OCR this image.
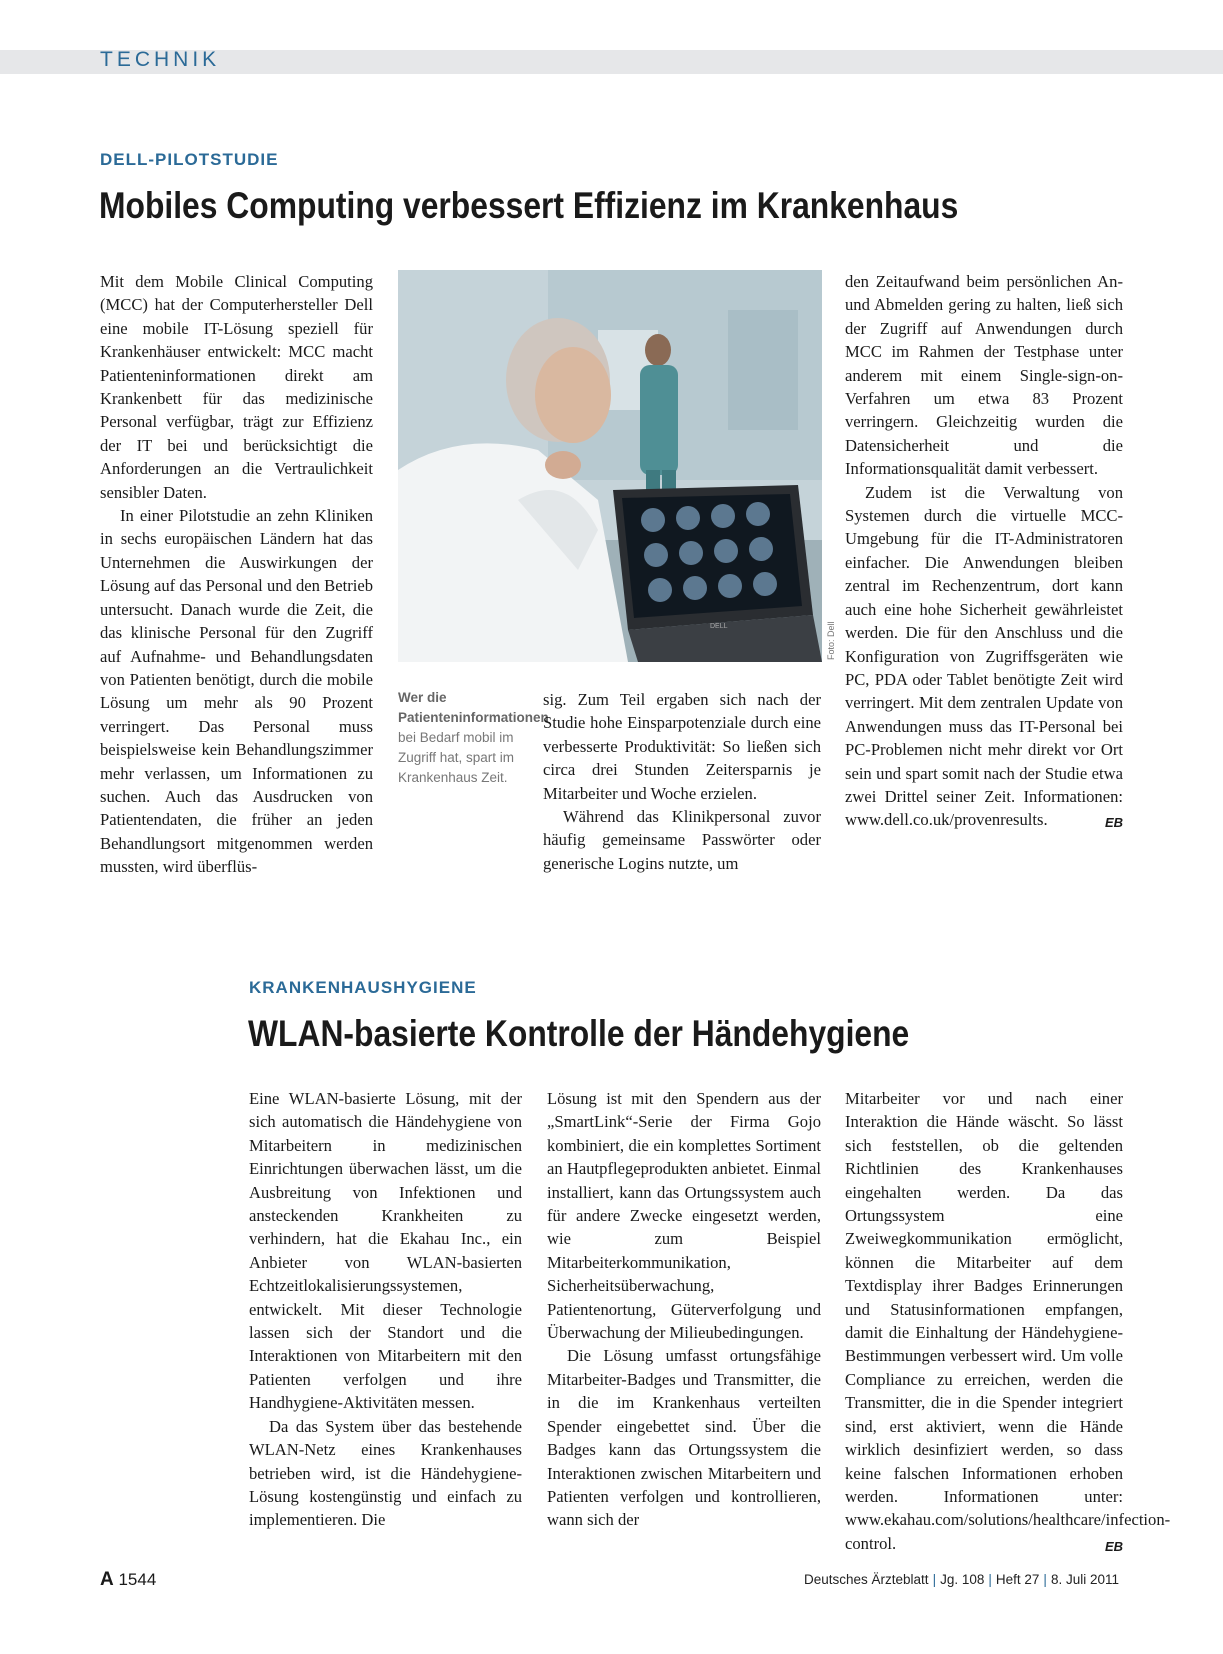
TECHNIK
DELL-PILOTSTUDIE
Mobiles Computing verbessert Effizienz im Krankenhaus

Mit dem Mobile Clinical Computing (MCC) hat der Computerhersteller Dell eine mobile IT-Lösung speziell für Krankenhäuser entwickelt: MCC macht Patienteninformationen direkt am Krankenbett für das medizinische Personal verfügbar, trägt zur Effizienz der IT bei und berücksichtigt die Anforderungen an die Vertraulichkeit sensibler Daten.

In einer Pilotstudie an zehn Kliniken in sechs europäischen Ländern hat das Unternehmen die Auswirkungen der Lösung auf das Personal und den Betrieb untersucht. Danach wurde die Zeit, die das klinische Personal für den Zugriff auf Aufnahme- und Behandlungsdaten von Patienten benötigt, durch die mobile Lösung um mehr als 90 Prozent verringert. Das Personal muss beispielsweise kein Behandlungszimmer mehr verlassen, um Informationen zu suchen. Auch das Ausdrucken von Patientendaten, die früher an jeden Behandlungsort mitgenommen werden mussten, wird überflüs-

DELL	Foto: Dell
Wer die Patienteninformationen bei Bedarf mobil im Zugriff hat, spart im Krankenhaus Zeit.

sig. Zum Teil ergaben sich nach der Studie hohe Einsparpotenziale durch eine verbesserte Produktivität: So ließen sich circa drei Stunden Zeitersparnis je Mitarbeiter und Woche erzielen.

Während das Klinikpersonal zuvor häufig gemeinsame Passwörter oder generische Logins nutzte, um

den Zeitaufwand beim persönlichen An- und Abmelden gering zu halten, ließ sich der Zugriff auf Anwendungen durch MCC im Rahmen der Testphase unter anderem mit einem Single-sign-on-Verfahren um etwa 83 Prozent verringern. Gleichzeitig wurden die Datensicherheit und die Informationsqualität damit verbessert.

Zudem ist die Verwaltung von Systemen durch die virtuelle MCC-Umgebung für die IT-Administratoren einfacher. Die Anwendungen bleiben zentral im Rechenzentrum, dort kann auch eine hohe Sicherheit gewährleistet werden. Die für den Anschluss und die Konfiguration von Zugriffsgeräten wie PC, PDA oder Tablet benötigte Zeit wird verringert. Mit dem zentralen Update von Anwendungen muss das IT-Personal bei PC-Problemen nicht mehr direkt vor Ort sein und spart somit nach der Studie etwa zwei Drittel seiner Zeit. Informationen: www.dell.co.uk/provenresults.	EB

KRANKENHAUSHYGIENE
WLAN-basierte Kontrolle der Händehygiene

Eine WLAN-basierte Lösung, mit der sich automatisch die Händehygiene von Mitarbeitern in medizinischen Einrichtungen überwachen lässt, um die Ausbreitung von Infektionen und ansteckenden Krankheiten zu verhindern, hat die Ekahau Inc., ein Anbieter von WLAN-basierten Echtzeitlokalisierungssystemen, entwickelt. Mit dieser Technologie lassen sich der Standort und die Interaktionen von Mitarbeitern mit den Patienten verfolgen und ihre Handhygiene-Aktivitäten messen.

Da das System über das bestehende WLAN-Netz eines Krankenhauses betrieben wird, ist die Händehygiene-Lösung kostengünstig und einfach zu implementieren. Die

Lösung ist mit den Spendern aus der „SmartLink“-Serie der Firma Gojo kombiniert, die ein komplettes Sortiment an Hautpflegeprodukten anbietet. Einmal installiert, kann das Ortungssystem auch für andere Zwecke eingesetzt werden, wie zum Beispiel Mitarbeiterkommunikation, Sicherheitsüberwachung, Patientenortung, Güterverfolgung und Überwachung der Milieubedingungen.

Die Lösung umfasst ortungsfähige Mitarbeiter-Badges und Transmitter, die in die im Krankenhaus verteilten Spender eingebettet sind. Über die Badges kann das Ortungssystem die Interaktionen zwischen Mitarbeitern und Patienten verfolgen und kontrollieren, wann sich der

Mitarbeiter vor und nach einer Interaktion die Hände wäscht. So lässt sich feststellen, ob die geltenden Richtlinien des Krankenhauses eingehalten werden. Da das Ortungssystem eine Zweiwegkommunikation ermöglicht, können die Mitarbeiter auf dem Textdisplay ihrer Badges Erinnerungen und Statusinformationen empfangen, damit die Einhaltung der Händehygiene-Bestimmungen verbessert wird. Um volle Compliance zu erreichen, werden die Transmitter, die in die Spender integriert sind, erst aktiviert, wenn die Hände wirklich desinfiziert werden, so dass keine falschen Informationen erhoben werden. Informationen unter: www.ekahau.com/solutions/healthcare/infection-control.	EB

A 1544	Deutsches Ärzteblatt | Jg. 108 | Heft 27 | 8. Juli 2011
